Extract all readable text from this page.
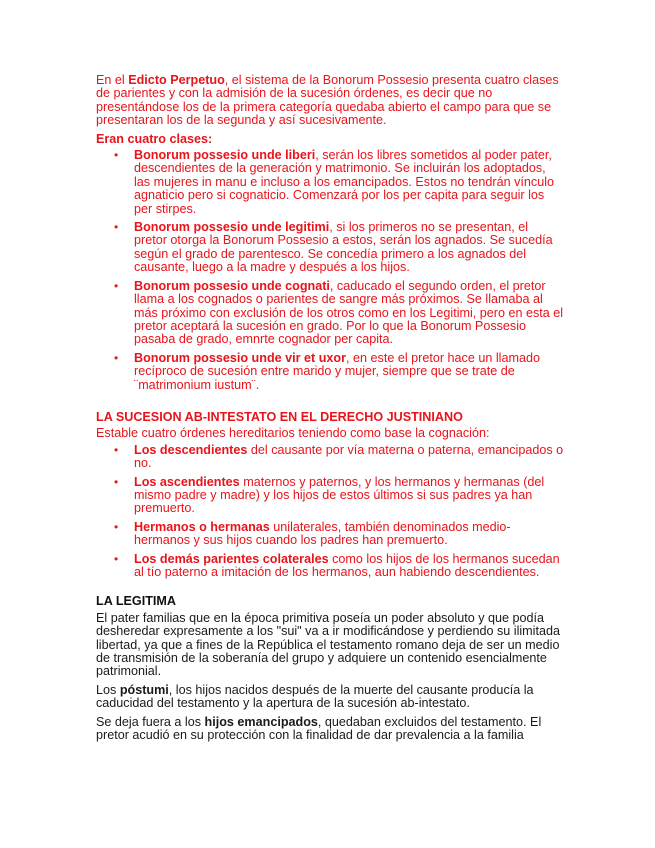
En el Edicto Perpetuo, el sistema de la Bonorum Possesio presenta cuatro clases de parientes y con la admisión de la sucesión órdenes, es decir que no presentándose los de la primera categoría quedaba abierto el campo para que se presentaran los de la segunda y así sucesivamente.

Eran cuatro clases:
• Bonorum possesio unde liberi, serán los libres sometidos al poder pater, descendientes de la generación y matrimonio. Se incluirán los adoptados, las mujeres in manu e incluso a los emancipados. Estos no tendrán vínculo agnaticio pero si cognaticio. Comenzará por los per capita para seguir los per stirpes.
• Bonorum possesio unde legitimi, si los primeros no se presentan, el pretor otorga la Bonorum Possesio a estos, serán los agnados. Se sucedía según el grado de parentesco. Se concedía primero a los agnados del causante, luego a la madre y después a los hijos.
• Bonorum possesio unde cognati, caducado el segundo orden, el pretor llama a los cognados o parientes de sangre más próximos. Se llamaba al más próximo con exclusión de los otros como en los Legitimi, pero en esta el pretor aceptará la sucesión en grado. Por lo que la Bonorum Possesio pasaba de grado, emnrte cognador per capita.
• Bonorum possesio unde vir et uxor, en este el pretor hace un llamado recíproco de sucesión entre marido y mujer, siempre que se trate de ¨matrimonium iustum¨.
LA SUCESION AB-INTESTATO EN EL DERECHO JUSTINIANO

Estable cuatro órdenes hereditarios teniendo como base la cognación:

• Los descendientes del causante por vía materna o paterna, emancipados o no.
• Los ascendientes maternos y paternos, y los hermanos y hermanas (del mismo padre y madre) y los hijos de estos últimos si sus padres ya han premuerto.
• Hermanos o hermanas unilaterales, también denominados medio-hermanos y sus hijos cuando los padres han premuerto.
• Los demás parientes colaterales como los hijos de los hermanos sucedan al tío paterno a imitación de los hermanos, aun habiendo descendientes.
LA LEGITIMA

El pater familias que en la época primitiva poseía un poder absoluto y que podía desheredar expresamente a los "sui" va a ir modificándose y perdiendo su ilimitada libertad, ya que a fines de la República el testamento romano deja de ser un medio de transmisión de la soberanía del grupo y adquiere un contenido esencialmente patrimonial.

Los póstumi, los hijos nacidos después de la muerte del causante producía la caducidad del testamento y la apertura de la sucesión ab-intestato.

Se deja fuera a los hijos emancipados, quedaban excluidos del testamento. El pretor acudió en su protección con la finalidad de dar prevalencia a la familia
